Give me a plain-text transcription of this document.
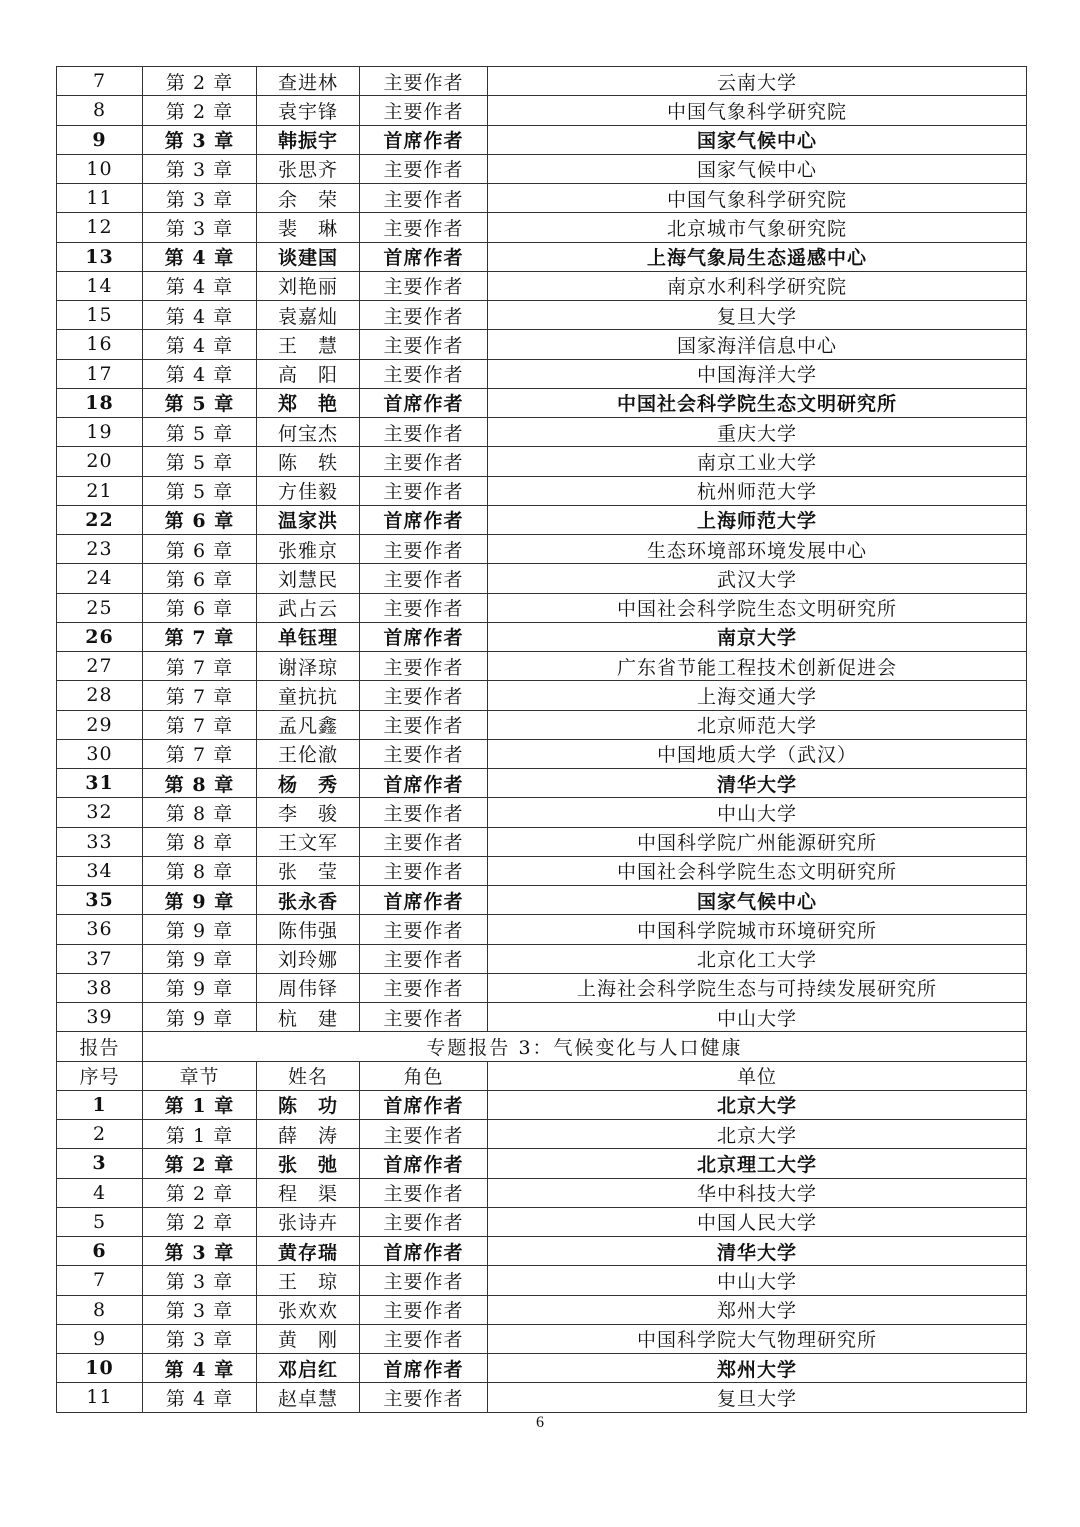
7	第 2 章	查进林	主要作者	云南大学
8	第 2 章	袁宇锋	主要作者	中国气象科学研究院
9	第 3 章	韩振宇	首席作者	国家气候中心
10	第 3 章	张思齐	主要作者	国家气候中心
11	第 3 章	余　荣	主要作者	中国气象科学研究院
12	第 3 章	裴　琳	主要作者	北京城市气象研究院
13	第 4 章	谈建国	首席作者	上海气象局生态遥感中心
14	第 4 章	刘艳丽	主要作者	南京水利科学研究院
15	第 4 章	袁嘉灿	主要作者	复旦大学
16	第 4 章	王　慧	主要作者	国家海洋信息中心
17	第 4 章	高　阳	主要作者	中国海洋大学
18	第 5 章	郑　艳	首席作者	中国社会科学院生态文明研究所
19	第 5 章	何宝杰	主要作者	重庆大学
20	第 5 章	陈　轶	主要作者	南京工业大学
21	第 5 章	方佳毅	主要作者	杭州师范大学
22	第 6 章	温家洪	首席作者	上海师范大学
23	第 6 章	张雅京	主要作者	生态环境部环境发展中心
24	第 6 章	刘慧民	主要作者	武汉大学
25	第 6 章	武占云	主要作者	中国社会科学院生态文明研究所
26	第 7 章	单钰理	首席作者	南京大学
27	第 7 章	谢泽琼	主要作者	广东省节能工程技术创新促进会
28	第 7 章	童抗抗	主要作者	上海交通大学
29	第 7 章	孟凡鑫	主要作者	北京师范大学
30	第 7 章	王伦澈	主要作者	中国地质大学（武汉）
31	第 8 章	杨　秀	首席作者	清华大学
32	第 8 章	李　骏	主要作者	中山大学
33	第 8 章	王文军	主要作者	中国科学院广州能源研究所
34	第 8 章	张　莹	主要作者	中国社会科学院生态文明研究所
35	第 9 章	张永香	首席作者	国家气候中心
36	第 9 章	陈伟强	主要作者	中国科学院城市环境研究所
37	第 9 章	刘玲娜	主要作者	北京化工大学
38	第 9 章	周伟铎	主要作者	上海社会科学院生态与可持续发展研究所
39	第 9 章	杭　建	主要作者	中山大学
报告	专题报告 3：气候变化与人口健康			
序号	章节	姓名	角色	单位
1	第 1 章	陈　功	首席作者	北京大学
2	第 1 章	薛　涛	主要作者	北京大学
3	第 2 章	张　弛	首席作者	北京理工大学
4	第 2 章	程　渠	主要作者	华中科技大学
5	第 2 章	张诗卉	主要作者	中国人民大学
6	第 3 章	黄存瑞	首席作者	清华大学
7	第 3 章	王　琼	主要作者	中山大学
8	第 3 章	张欢欢	主要作者	郑州大学
9	第 3 章	黄　刚	主要作者	中国科学院大气物理研究所
10	第 4 章	邓启红	首席作者	郑州大学
11	第 4 章	赵卓慧	主要作者	复旦大学
6
